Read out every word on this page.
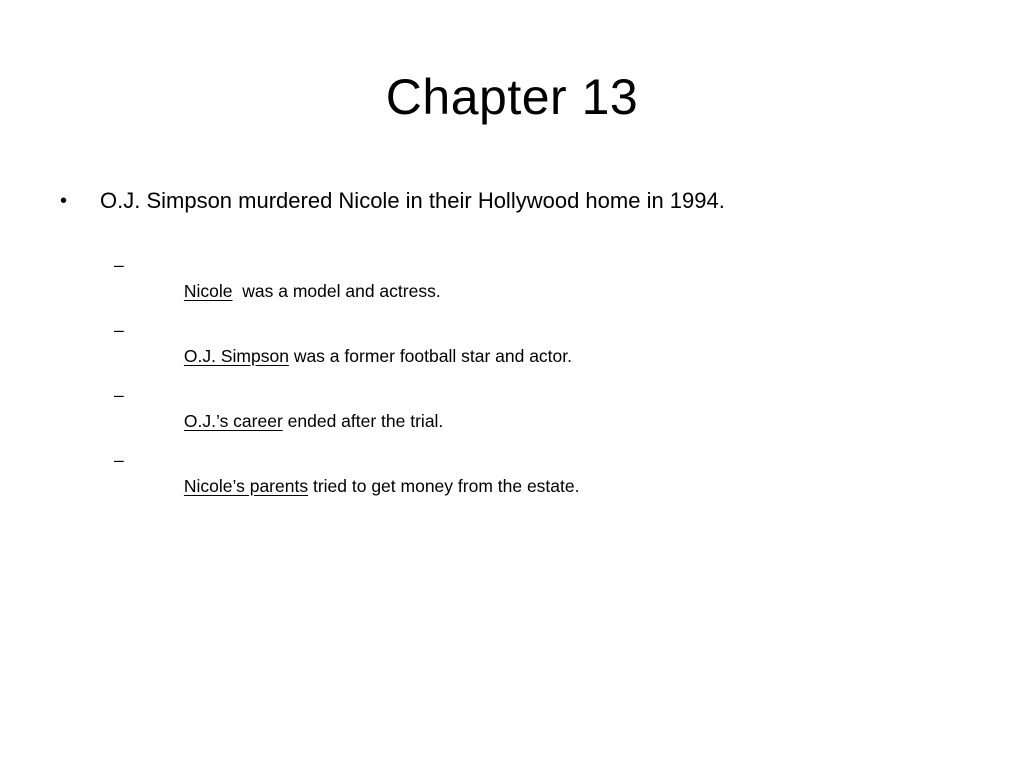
Chapter 13
• O.J. Simpson murdered Nicole in their Hollywood home in 1994.

–
Nicole  was a model and actress.

–
O.J. Simpson was a former football star and actor.

–
O.J.’s career ended after the trial.

–
Nicole’s parents tried to get money from the estate.
